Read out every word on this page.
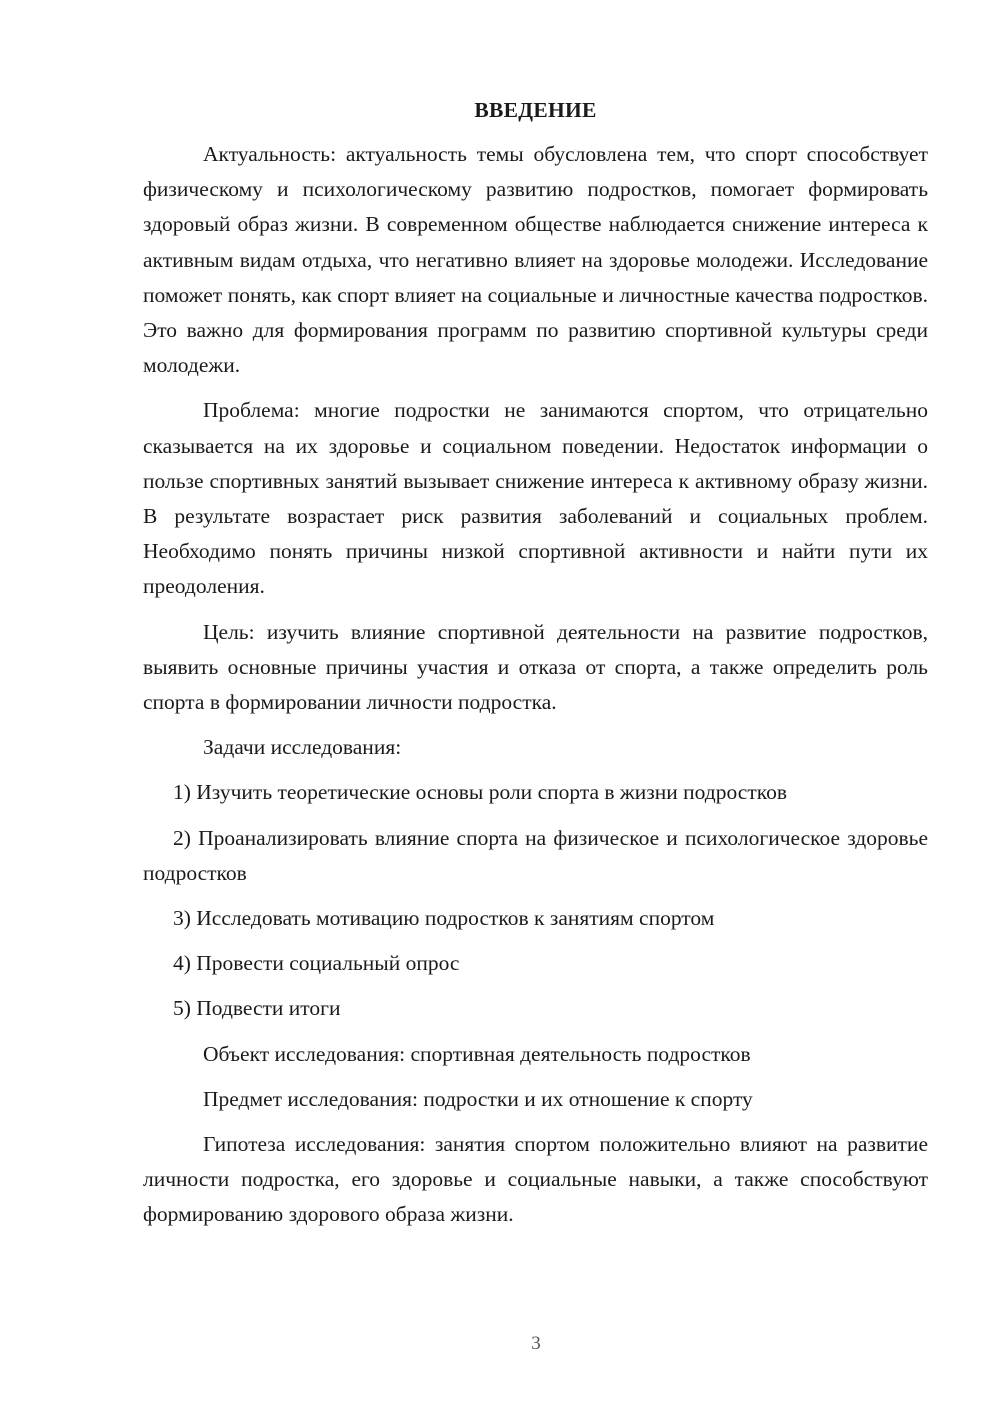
ВВЕДЕНИЕ

Актуальность: актуальность темы обусловлена тем, что спорт способствует физическому и психологическому развитию подростков, помогает формировать здоровый образ жизни. В современном обществе наблюдается снижение интереса к активным видам отдыха, что негативно влияет на здоровье молодежи. Исследование поможет понять, как спорт влияет на социальные и личностные качества подростков. Это важно для формирования программ по развитию спортивной культуры среди молодежи.

Проблема: многие подростки не занимаются спортом, что отрицательно сказывается на их здоровье и социальном поведении. Недостаток информации о пользе спортивных занятий вызывает снижение интереса к активному образу жизни. В результате возрастает риск развития заболеваний и социальных проблем. Необходимо понять причины низкой спортивной активности и найти пути их преодоления.

Цель: изучить влияние спортивной деятельности на развитие подростков, выявить основные причины участия и отказа от спорта, а также определить роль спорта в формировании личности подростка.

Задачи исследования:

1) Изучить теоретические основы роли спорта в жизни подростков

2) Проанализировать влияние спорта на физическое и психологическое здоровье подростков

3) Исследовать мотивацию подростков к занятиям спортом

4) Провести социальный опрос

5) Подвести итоги

Объект исследования: спортивная деятельность подростков

Предмет исследования: подростки и их отношение к спорту

Гипотеза исследования: занятия спортом положительно влияют на развитие личности подростка, его здоровье и социальные навыки, а также способствуют формированию здорового образа жизни.

3
